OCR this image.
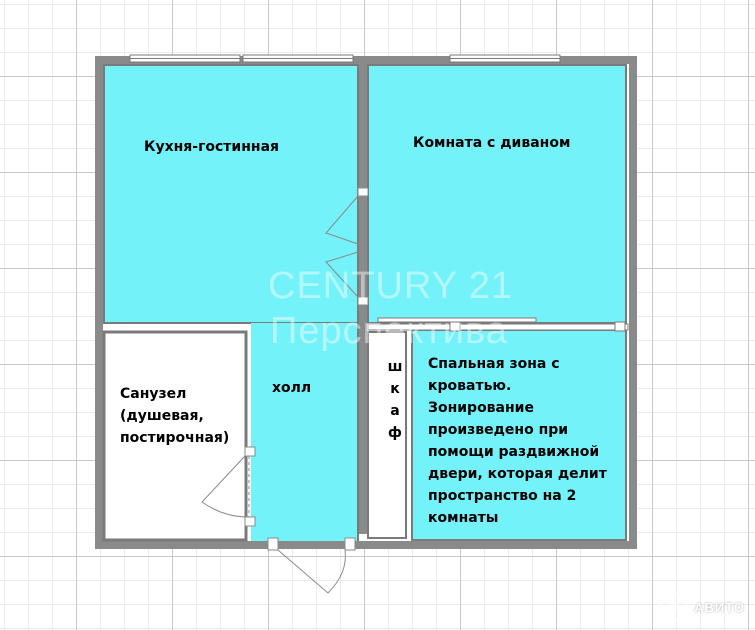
CENTURY 21
Перспектива
Кухня-гостинная	Комната с диваном
Санузел
(душевая,
постирочная)
холл
Спальная зона с
кроватью.
Зонирование
произведено при
помощи раздвижной
двери, которая делит
пространство на 2
комнаты
ш
к
а
ф
АВИТО
